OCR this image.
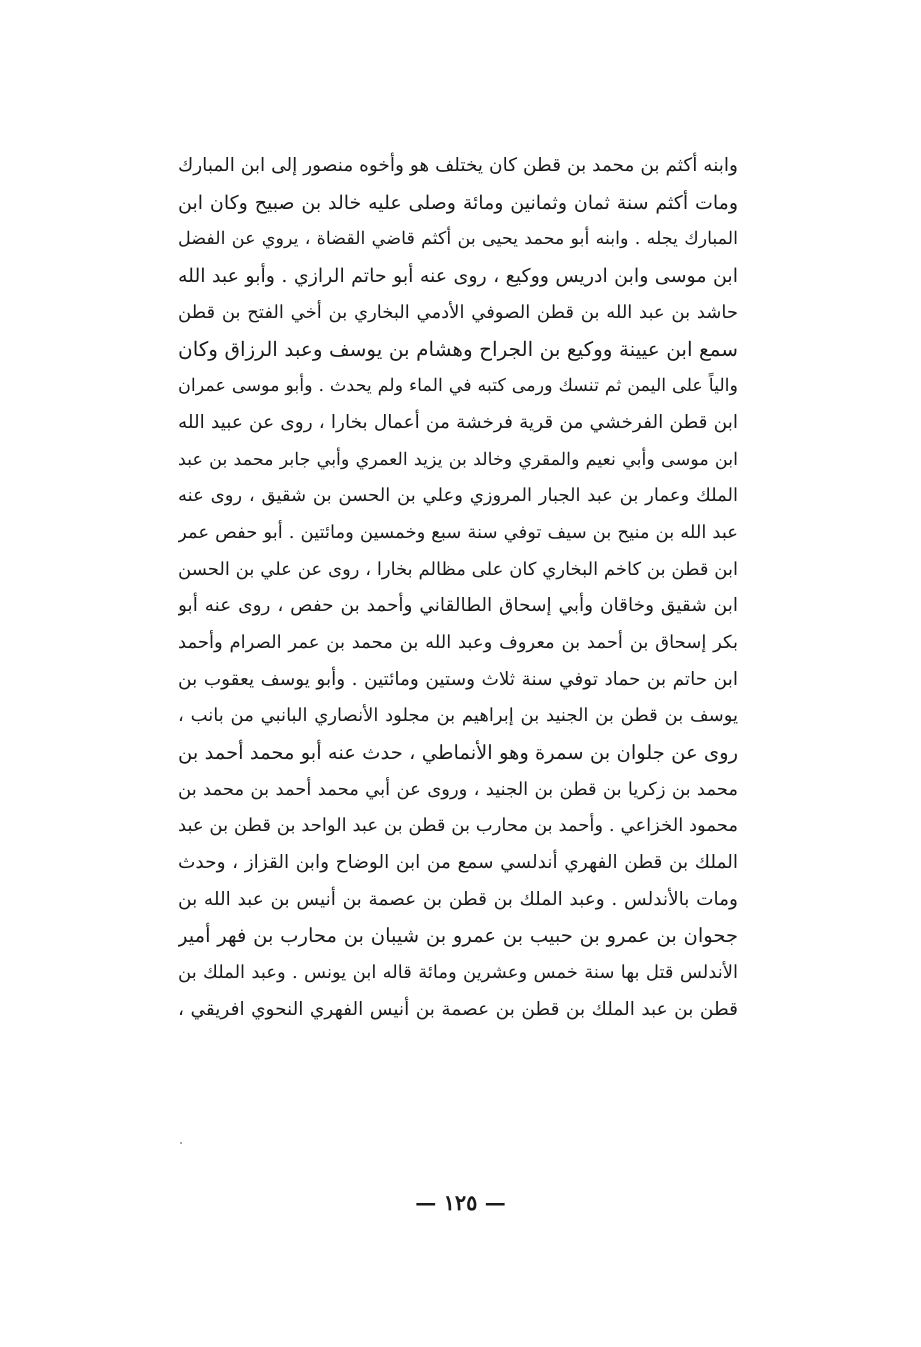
وابنه أكثم بن محمد بن قطن كان يختلف هو وأخوه منصور إلى ابن المبارك
ومات أكثم سنة ثمان وثمانين ومائة وصلى عليه خالد بن صبيح وكان ابن
المبارك يجله . وابنه أبو محمد يحيى بن أكثم قاضي القضاة ، يروي عن الفضل
ابن موسى وابن ادريس ووكيع ، روى عنه أبو حاتم الرازي . وأبو عبد الله
حاشد بن عبد الله بن قطن الصوفي الأدمي البخاري بن أخي الفتح بن قطن
سمع ابن عيينة ووكيع بن الجراح وهشام بن يوسف وعبد الرزاق وكان
والياً على اليمن ثم تنسك ورمى كتبه في الماء ولم يحدث . وأبو موسى عمران
ابن قطن الفرخشي من قرية فرخشة من أعمال بخارا ، روى عن عبيد الله
ابن موسى وأبي نعيم والمقري وخالد بن يزيد العمري وأبي جابر محمد بن عبد
الملك وعمار بن عبد الجبار المروزي وعلي بن الحسن بن شقيق ، روى عنه
عبد الله بن منيح بن سيف توفي سنة سبع وخمسين ومائتين . أبو حفص عمر
ابن قطن بن كاخم البخاري كان على مظالم بخارا ، روى عن علي بن الحسن
ابن شقيق وخاقان وأبي إسحاق الطالقاني وأحمد بن حفص ، روى عنه أبو
بكر إسحاق بن أحمد بن معروف وعبد الله بن محمد بن عمر الصرام وأحمد
ابن حاتم بن حماد توفي سنة ثلاث وستين ومائتين . وأبو يوسف يعقوب بن
يوسف بن قطن بن الجنيد بن إبراهيم بن مجلود الأنصاري البانبي من بانب ،
روى عن جلوان بن سمرة وهو الأنماطي ، حدث عنه أبو محمد أحمد بن
محمد بن زكريا بن قطن بن الجنيد ، وروى عن أبي محمد أحمد بن محمد بن
محمود الخزاعي . وأحمد بن محارب بن قطن بن عبد الواحد بن قطن بن عبد
الملك بن قطن الفهري أندلسي سمع من ابن الوضاح وابن القزاز ، وحدث
ومات بالأندلس . وعبد الملك بن قطن بن عصمة بن أنيس بن عبد الله بن
جحوان بن عمرو بن حبيب بن عمرو بن شيبان بن محارب بن فهر أمير
الأندلس قتل بها سنة خمس وعشرين ومائة قاله ابن يونس . وعبد الملك بن
قطن بن عبد الملك بن قطن بن عصمة بن أنيس الفهري النحوي افريقي ،
— ١٢٥ —
